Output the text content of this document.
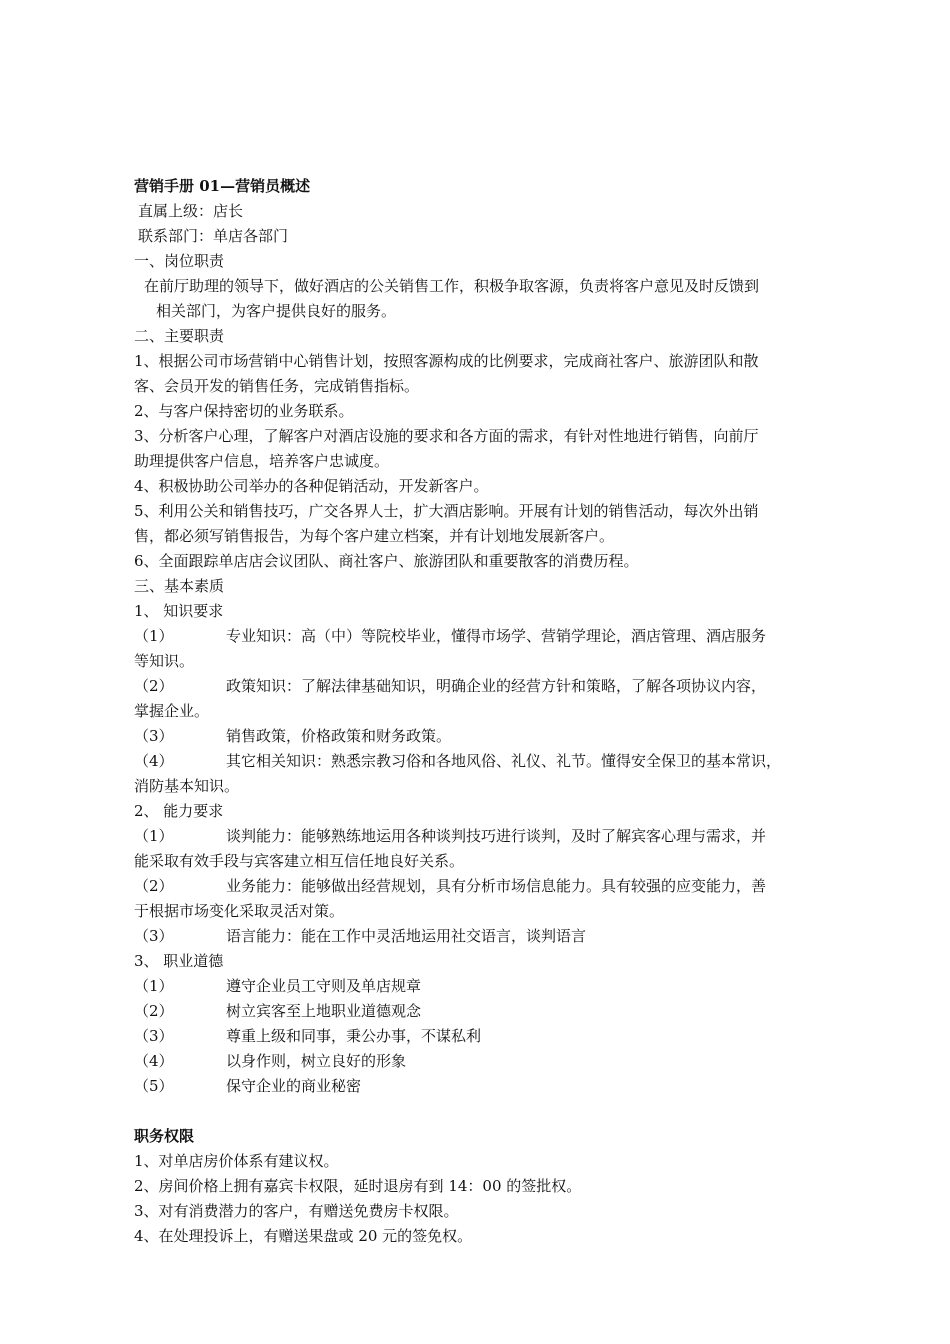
营销手册 01—营销员概述
直属上级：店长
联系部门：单店各部门
一、岗位职责
在前厅助理的领导下，做好酒店的公关销售工作，积极争取客源，负责将客户意见及时反馈到
相关部门，为客户提供良好的服务。
二、主要职责
1、根据公司市场营销中心销售计划，按照客源构成的比例要求，完成商社客户、旅游团队和散
客、会员开发的销售任务，完成销售指标。
2、与客户保持密切的业务联系。
3、分析客户心理，了解客户对酒店设施的要求和各方面的需求，有针对性地进行销售，向前厅
助理提供客户信息，培养客户忠诚度。
4、积极协助公司举办的各种促销活动，开发新客户。
5、利用公关和销售技巧，广交各界人士，扩大酒店影响。开展有计划的销售活动，每次外出销
售，都必须写销售报告，为每个客户建立档案，并有计划地发展新客户。
6、全面跟踪单店店会议团队、商社客户、旅游团队和重要散客的消费历程。
三、基本素质
1、 知识要求
（1）	专业知识：高（中）等院校毕业，懂得市场学、营销学理论，酒店管理、酒店服务
等知识。
（2）	政策知识：了解法律基础知识，明确企业的经营方针和策略，了解各项协议内容，
掌握企业。
（3）	销售政策，价格政策和财务政策。
（4）	其它相关知识：熟悉宗教习俗和各地风俗、礼仪、礼节。懂得安全保卫的基本常识，
消防基本知识。
2、 能力要求
（1）	谈判能力：能够熟练地运用各种谈判技巧进行谈判，及时了解宾客心理与需求，并
能采取有效手段与宾客建立相互信任地良好关系。
（2）	业务能力：能够做出经营规划，具有分析市场信息能力。具有较强的应变能力，善
于根据市场变化采取灵活对策。
（3）	语言能力：能在工作中灵活地运用社交语言，谈判语言
3、 职业道德
（1）	遵守企业员工守则及单店规章
（2）	树立宾客至上地职业道德观念
（3）	尊重上级和同事，秉公办事，不谋私利
（4）	以身作则，树立良好的形象
（5）	保守企业的商业秘密
职务权限
1、对单店房价体系有建议权。
2、房间价格上拥有嘉宾卡权限，延时退房有到 14：00 的签批权。
3、对有消费潜力的客户，有赠送免费房卡权限。
4、在处理投诉上，有赠送果盘或 20 元的签免权。
